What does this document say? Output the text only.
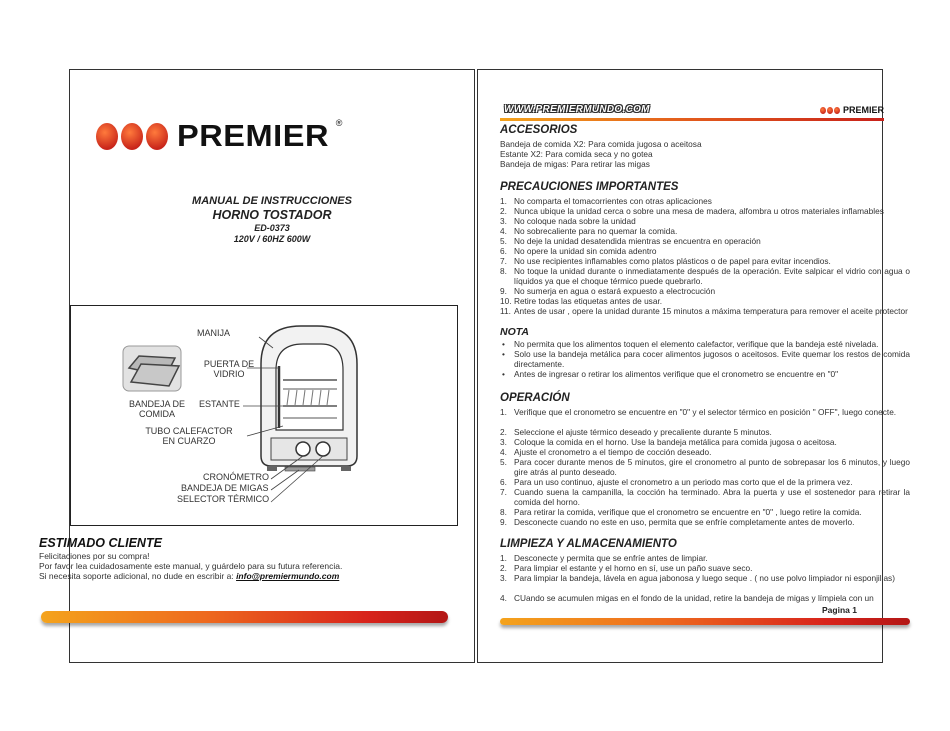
PREMIER ®
MANUAL DE INSTRUCCIONES
HORNO TOSTADOR
ED-0373
120V / 60HZ 600W
MANIJA
PUERTA DE
VIDRIO
BANDEJA DE
COMIDA
ESTANTE
TUBO CALEFACTOR
EN CUARZO
CRONÓMETRO
BANDEJA DE MIGAS
SELECTOR TÉRMICO
ESTIMADO CLIENTE
Felicitaciones por su compra!
Por favor lea cuidadosamente este manual, y guárdelo para su futura referencia.
Si necesita soporte adicional, no dude en escribir a: info@premiermundo.com
WWW.PREMIERMUNDO.COM	PREMIER
ACCESORIOS
Bandeja de comida X2: Para comida jugosa o aceitosa
Estante X2: Para comida seca y no gotea
Bandeja de migas: Para retirar las migas
PRECAUCIONES IMPORTANTES
1. No comparta el tomacorrientes con otras aplicaciones
2. Nunca ubique la unidad cerca o sobre una mesa de madera, alfombra u otros materiales inflamables
3. No coloque nada sobre la unidad
4. No sobrecaliente para no quemar la comida.
5. No deje la unidad desatendida mientras se encuentra en operación
6. No opere la unidad sin comida adentro
7. No use recipientes inflamables como platos plásticos o de papel para evitar incendios.
8. No toque la unidad durante o inmediatamente después de la operación. Evite salpicar el vidrio con agua o líquidos ya que el choque térmico puede quebrarlo.
9. No sumerja en agua o estará expuesto a electrocución
10. Retire todas las etiquetas antes de usar.
11. Antes de usar , opere la unidad durante 15 minutos a máxima temperatura para remover el aceite protector
NOTA
• No permita que los alimentos toquen el elemento calefactor, verifique que la bandeja esté nivelada.
• Solo use la bandeja metálica para cocer alimentos jugosos o aceitosos. Evite quemar los restos de comida directamente.
• Antes de ingresar o retirar los alimentos verifique que el cronometro se encuentre en "0"
OPERACIÓN
1. Verifique que el cronometro se encuentre en "0" y el selector térmico en posición " OFF", luego conecte.
2. Seleccione el ajuste térmico deseado y precaliente durante 5 minutos.
3. Coloque la comida en el horno. Use la bandeja metálica para comida jugosa o aceitosa.
4. Ajuste el cronometro a el tiempo de cocción deseado.
5. Para cocer durante menos de 5 minutos, gire el cronometro al punto de sobrepasar los 6 minutos, y luego gire atrás al punto deseado.
6. Para un uso continuo, ajuste el cronometro a un periodo mas corto que el de la primera vez.
7. Cuando suena la campanilla, la cocción ha terminado. Abra la puerta y use el sostenedor para retirar la comida del horno.
8. Para retirar la comida, verifique que el cronometro se encuentre en "0" , luego retire la comida.
9. Desconecte cuando no este en uso, permita que se enfríe completamente antes de moverlo.
LIMPIEZA Y ALMACENAMIENTO
1. Desconecte y permita que se enfríe antes de limpiar.
2. Para limpiar el estante y el horno en sí, use un paño suave seco.
3. Para limpiar la bandeja, lávela en agua jabonosa y luego seque . ( no use polvo limpiador ni esponjillas)
4. CUando se acumulen migas en el fondo de la unidad, retire la bandeja de migas y límpiela con un
Pagina 1
